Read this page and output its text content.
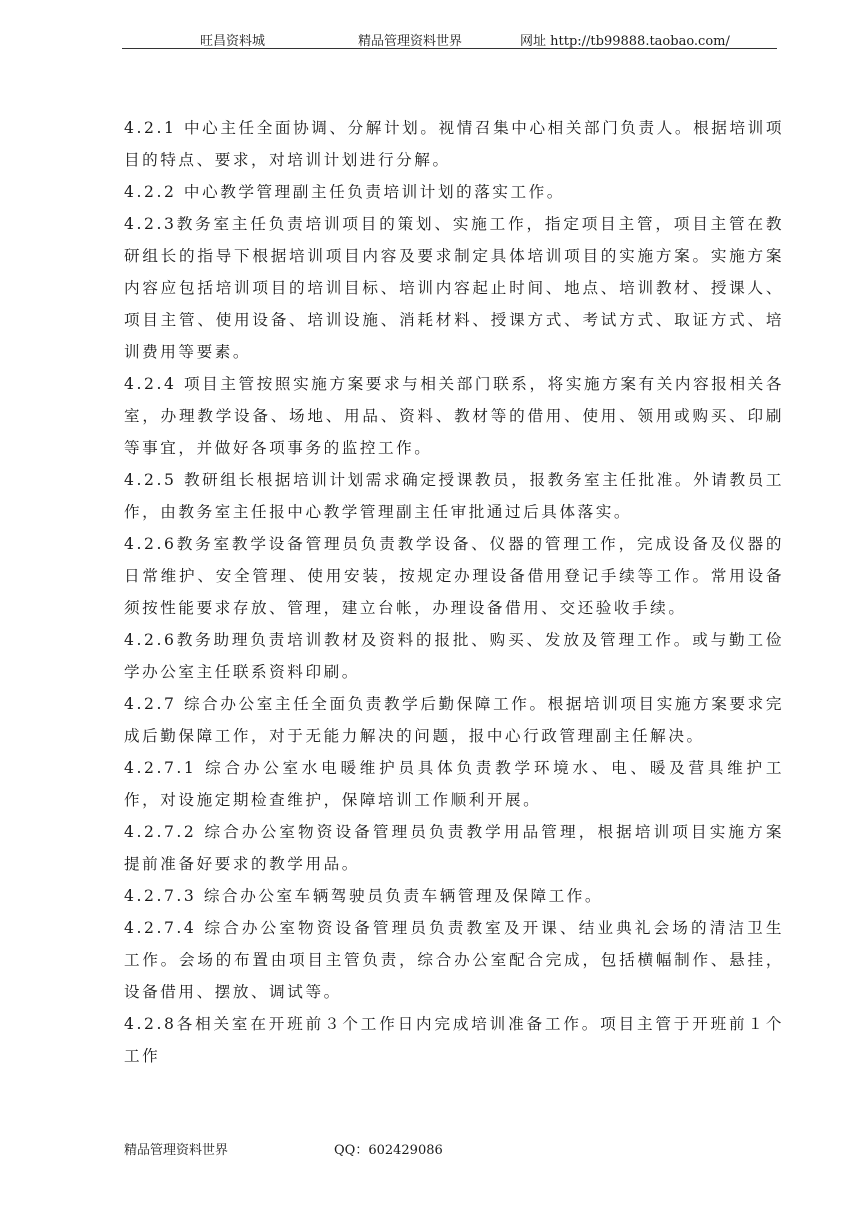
旺昌资料城	精品管理资料世界	网址 http://tb99888.taobao.com/

4.2.1 中心主任全面协调、分解计划。视情召集中心相关部门负责人。根据培训项目的特点、要求，对培训计划进行分解。

4.2.2 中心教学管理副主任负责培训计划的落实工作。

4.2.3教务室主任负责培训项目的策划、实施工作，指定项目主管，项目主管在教研组长的指导下根据培训项目内容及要求制定具体培训项目的实施方案。实施方案内容应包括培训项目的培训目标、培训内容起止时间、地点、培训教材、授课人、项目主管、使用设备、培训设施、消耗材料、授课方式、考试方式、取证方式、培训费用等要素。

4.2.4 项目主管按照实施方案要求与相关部门联系，将实施方案有关内容报相关各室，办理教学设备、场地、用品、资料、教材等的借用、使用、领用或购买、印刷等事宜，并做好各项事务的监控工作。

4.2.5 教研组长根据培训计划需求确定授课教员，报教务室主任批准。外请教员工作，由教务室主任报中心教学管理副主任审批通过后具体落实。

4.2.6教务室教学设备管理员负责教学设备、仪器的管理工作，完成设备及仪器的日常维护、安全管理、使用安装，按规定办理设备借用登记手续等工作。常用设备须按性能要求存放、管理，建立台帐，办理设备借用、交还验收手续。

4.2.6教务助理负责培训教材及资料的报批、购买、发放及管理工作。或与勤工俭学办公室主任联系资料印刷。

4.2.7 综合办公室主任全面负责教学后勤保障工作。根据培训项目实施方案要求完成后勤保障工作，对于无能力解决的问题，报中心行政管理副主任解决。

4.2.7.1 综合办公室水电暖维护员具体负责教学环境水、电、暖及营具维护工作，对设施定期检查维护，保障培训工作顺利开展。

4.2.7.2 综合办公室物资设备管理员负责教学用品管理，根据培训项目实施方案提前准备好要求的教学用品。

4.2.7.3 综合办公室车辆驾驶员负责车辆管理及保障工作。

4.2.7.4 综合办公室物资设备管理员负责教室及开课、结业典礼会场的清洁卫生工作。会场的布置由项目主管负责，综合办公室配合完成，包括横幅制作、悬挂，设备借用、摆放、调试等。

4.2.8各相关室在开班前３个工作日内完成培训准备工作。项目主管于开班前１个工作

精品管理资料世界	QQ：602429086
